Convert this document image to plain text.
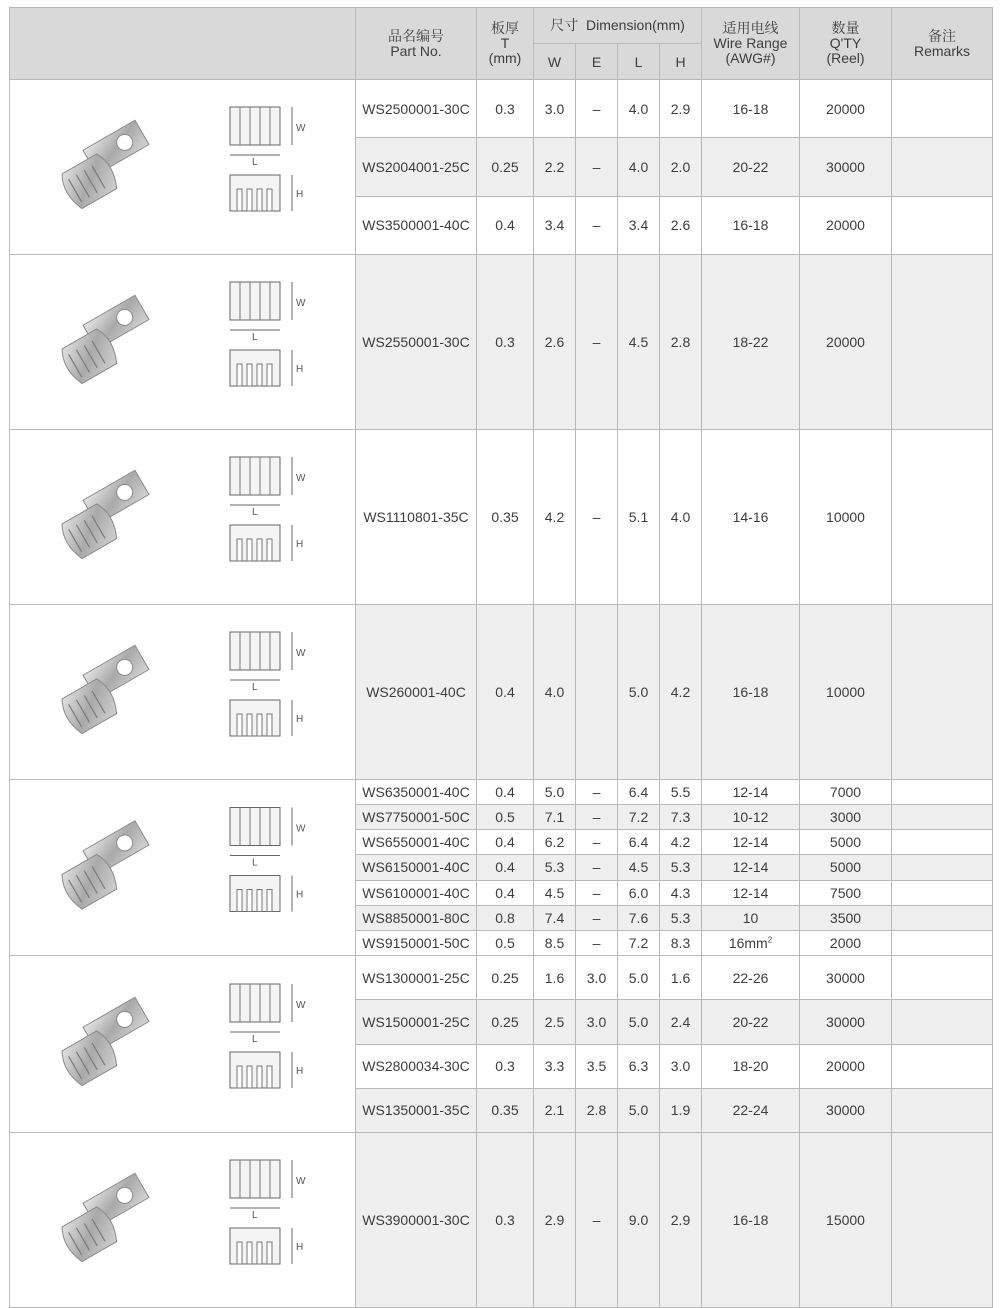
	品名编号
Part No.	板厚
T
(mm)	尺寸 Dimension(mm)				适用电线
Wire Range
(AWG#)	数量
Q'TY
(Reel)	备注
Remarks

			W	E	L	H			

W
L
H	WS2500001-30C	0.3	3.0	–	4.0	2.9	16-18	20000	
	WS2004001-25C	0.25	2.2	–	4.0	2.0	20-22	30000	
	WS3500001-40C	0.4	3.4	–	3.4	2.6	16-18	20000	

W
L
H	WS2550001-30C	0.3	2.6	–	4.5	2.8	18-22	20000	

W
L
H	WS1110801-35C	0.35	4.2	–	5.1	4.0	14-16	10000	

W
L
H	WS260001-40C	0.4	4.0		5.0	4.2	16-18	10000	

W
L
H	WS6350001-40C	0.4	5.0	–	6.4	5.5	12-14	7000	
	WS7750001-50C	0.5	7.1	–	7.2	7.3	10-12	3000	
	WS6550001-40C	0.4	6.2	–	6.4	4.2	12-14	5000	
	WS6150001-40C	0.4	5.3	–	4.5	5.3	12-14	5000	
	WS6100001-40C	0.4	4.5	–	6.0	4.3	12-14	7500	
	WS8850001-80C	0.8	7.4	–	7.6	5.3	10	3500	
	WS9150001-50C	0.5	8.5	–	7.2	8.3	$16mm^2$	2000	

W
L
H	WS1300001-25C	0.25	1.6	3.0	5.0	1.6	22-26	30000	
	WS1500001-25C	0.25	2.5	3.0	5.0	2.4	20-22	30000	
	WS2800034-30C	0.3	3.3	3.5	6.3	3.0	18-20	20000	
	WS1350001-35C	0.35	2.1	2.8	5.0	1.9	22-24	30000	

W
L
H	WS3900001-30C	0.3	2.9	–	9.0	2.9	16-18	15000	
